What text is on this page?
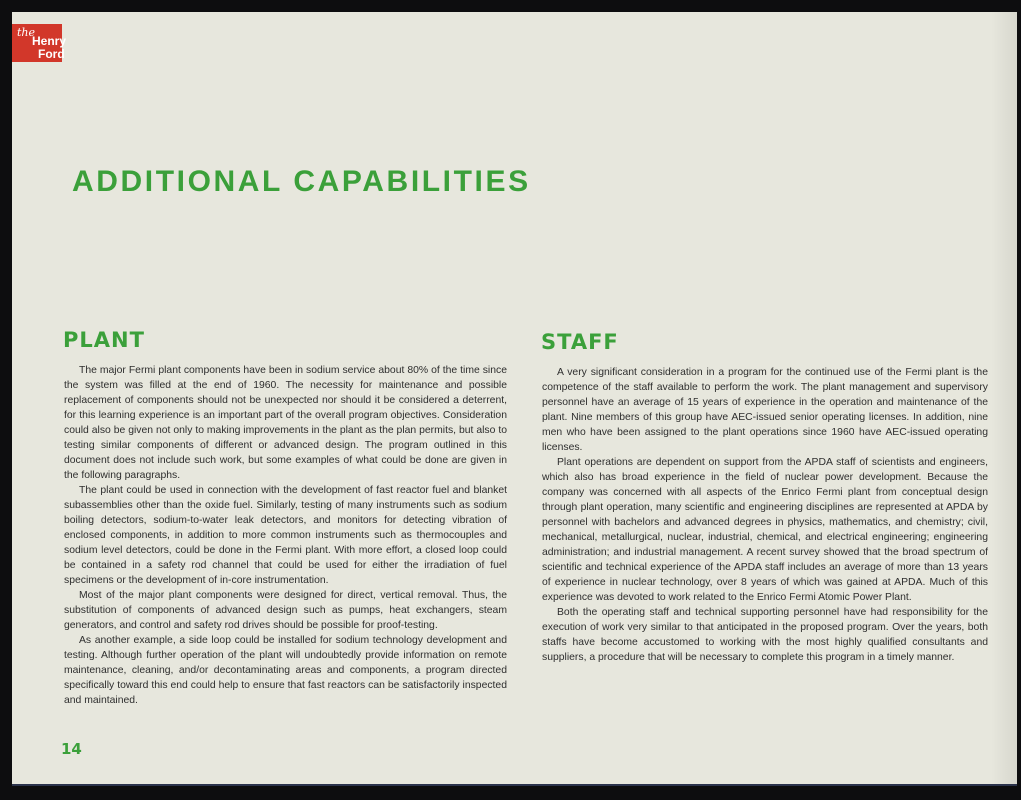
the
Henry
Ford
ADDITIONAL CAPABILITIES
PLANT

The major Fermi plant components have been in sodium service about 80% of the time since the system was filled at the end of 1960. The necessity for maintenance and possible replacement of components should not be unexpected nor should it be considered a deterrent, for this learning experience is an important part of the overall program objectives. Consideration could also be given not only to making improvements in the plant as the plan permits, but also to testing similar components of different or advanced design. The program outlined in this document does not include such work, but some examples of what could be done are given in the following paragraphs.

The plant could be used in connection with the development of fast reactor fuel and blanket subassemblies other than the oxide fuel. Similarly, testing of many instruments such as sodium boiling detectors, sodium-to-water leak detectors, and monitors for detecting vibration of enclosed components, in addition to more common instruments such as thermocouples and sodium level detectors, could be done in the Fermi plant. With more effort, a closed loop could be contained in a safety rod channel that could be used for either the irradiation of fuel specimens or the development of in-core instrumentation.

Most of the major plant components were designed for direct, vertical removal. Thus, the substitution of components of advanced design such as pumps, heat exchangers, steam generators, and control and safety rod drives should be possible for proof-testing.

As another example, a side loop could be installed for sodium technology development and testing. Although further operation of the plant will undoubtedly provide information on remote maintenance, cleaning, and/or decontaminating areas and components, a program directed specifically toward this end could help to ensure that fast reactors can be satisfactorily inspected and maintained.

STAFF

A very significant consideration in a program for the continued use of the Fermi plant is the competence of the staff available to perform the work. The plant management and supervisory personnel have an average of 15 years of experience in the operation and maintenance of the plant. Nine members of this group have AEC-issued senior operating licenses. In addition, nine men who have been assigned to the plant operations since 1960 have AEC-issued operating licenses.

Plant operations are dependent on support from the APDA staff of scientists and engineers, which also has broad experience in the field of nuclear power development. Because the company was concerned with all aspects of the Enrico Fermi plant from conceptual design through plant operation, many scientific and engineering disciplines are represented at APDA by personnel with bachelors and advanced degrees in physics, mathematics, and chemistry; civil, mechanical, metallurgical, nuclear, industrial, chemical, and electrical engineering; engineering administration; and industrial management. A recent survey showed that the broad spectrum of scientific and technical experience of the APDA staff includes an average of more than 13 years of experience in nuclear technology, over 8 years of which was gained at APDA. Much of this experience was devoted to work related to the Enrico Fermi Atomic Power Plant.

Both the operating staff and technical supporting personnel have had responsibility for the execution of work very similar to that anticipated in the proposed program. Over the years, both staffs have become accustomed to working with the most highly qualified consultants and suppliers, a procedure that will be necessary to complete this program in a timely manner.

14
